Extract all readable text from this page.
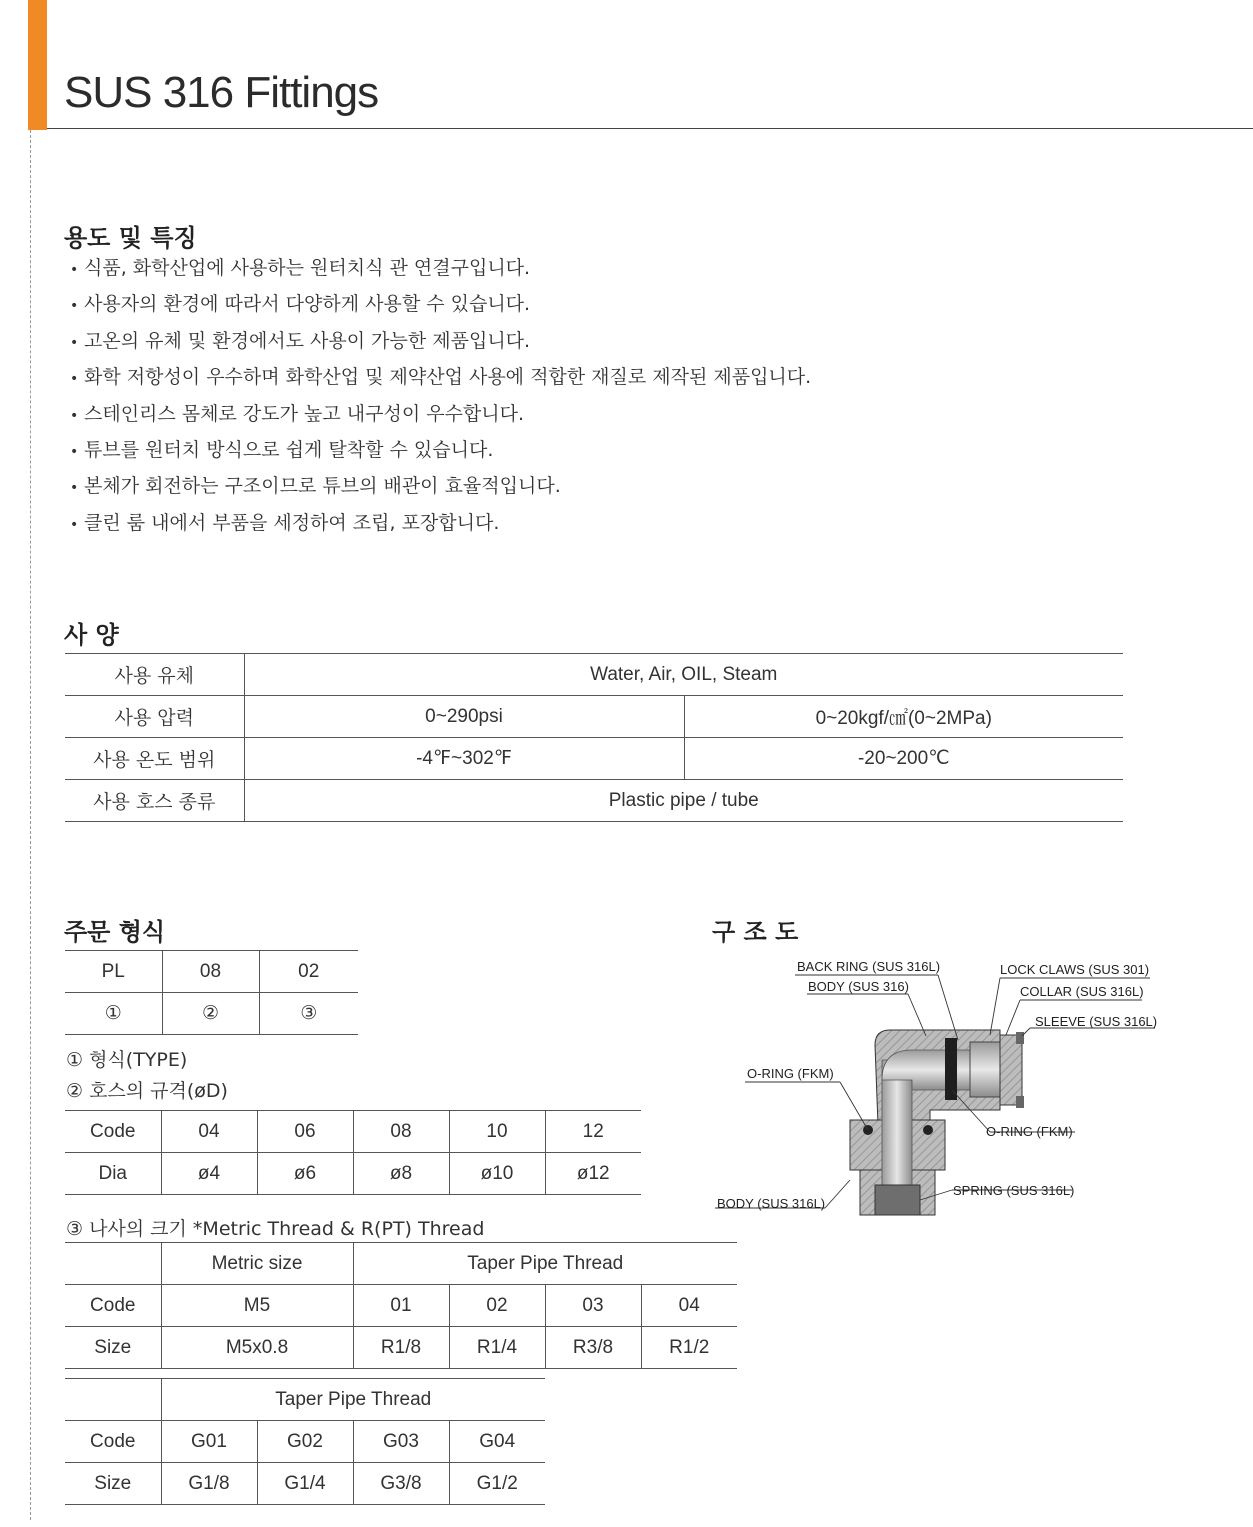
SUS 316 Fittings
용도 및 특징
• 식품, 화학산업에 사용하는 원터치식 관 연결구입니다.
• 사용자의 환경에 따라서 다양하게 사용할 수 있습니다.
• 고온의 유체 및 환경에서도 사용이 가능한 제품입니다.
• 화학 저항성이 우수하며 화학산업 및 제약산업 사용에 적합한 재질로 제작된 제품입니다.
• 스테인리스 몸체로 강도가 높고 내구성이 우수합니다.
• 튜브를 원터치 방식으로 쉽게 탈착할 수 있습니다.
• 본체가 회전하는 구조이므로 튜브의 배관이 효율적입니다.
• 클린 룸 내에서 부품을 세정하여 조립, 포장합니다.
사 양
사용 유체	Water, Air, OIL, Steam	
사용 압력	0~290psi	0~20kgf/㎠(0~2MPa)
사용 온도 범위	-4℉~302℉	-20~200℃
사용 호스 종류	Plastic pipe / tube	
주문 형식
PL	08	02
①	②	③
① 형식(TYPE)
② 호스의 규격(øD)
Code	04	06	08	10	12
Dia	ø4	ø6	ø8	ø10	ø12
③ 나사의 크기 *Metric Thread & R(PT) Thread
	Metric size	Taper Pipe Thread			
Code	M5	01	02	03	04
Size	M5x0.8	R1/8	R1/4	R3/8	R1/2
	Taper Pipe Thread			
Code	G01	G02	G03	G04
Size	G1/8	G1/4	G3/8	G1/2
구 조 도
BACK RING (SUS 316L)
BODY (SUS 316)
LOCK CLAWS (SUS 301)
COLLAR (SUS 316L)
SLEEVE (SUS 316L)
O-RING (FKM)
O-RING (FKM)
BODY (SUS 316L)
SPRING (SUS 316L)
